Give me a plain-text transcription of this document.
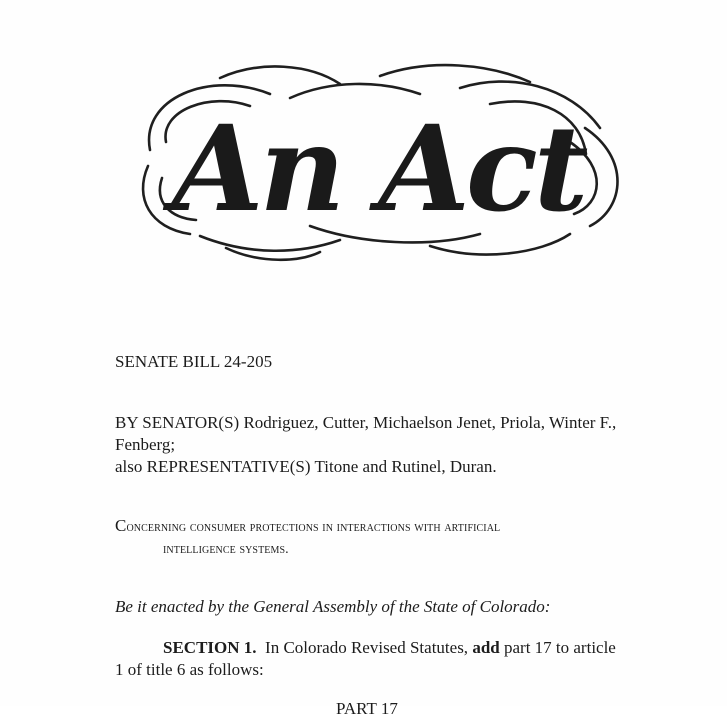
An Act
SENATE BILL 24-205
BY SENATOR(S) Rodriguez, Cutter, Michaelson Jenet, Priola, Winter F.,
Fenberg;
also REPRESENTATIVE(S) Titone and Rutinel, Duran.
Concerning consumer protections in interactions with artificial
intelligence systems.
Be it enacted by the General Assembly of the State of Colorado:
SECTION 1. In Colorado Revised Statutes, add part 17 to article
1 of title 6 as follows:
PART 17
